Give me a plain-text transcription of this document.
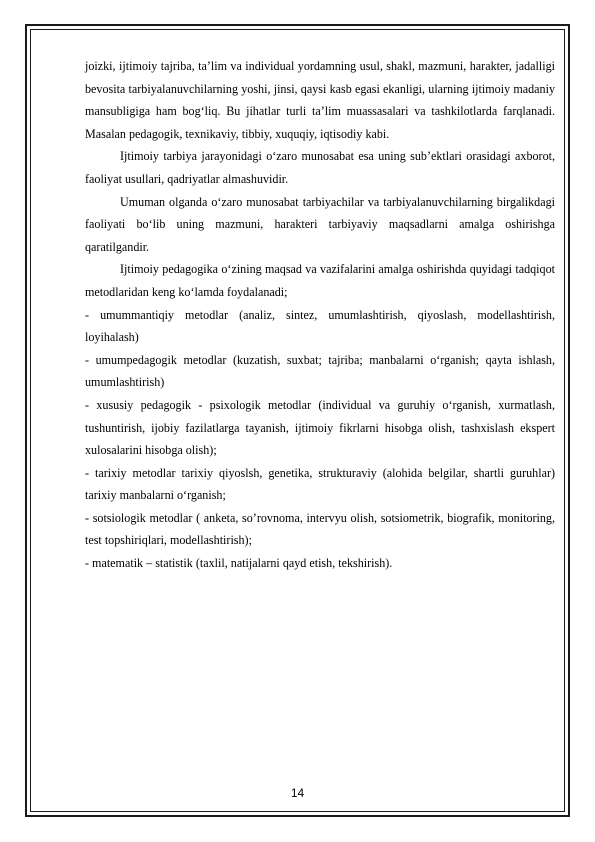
joizki, ijtimoiy tajriba, ta’lim va individual yordamning usul, shakl, mazmuni, harakter, jadalligi bevosita tarbiyalanuvchilarning yoshi, jinsi, qaysi kasb egasi ekanligi, ularning ijtimoiy madaniy mansubligiga ham bog‘liq. Bu jihatlar turli ta’lim muassasalari va tashkilotlarda farqlanadi. Masalan pedagogik, texnikaviy, tibbiy, xuquqiy, iqtisodiy kabi.

Ijtimoiy tarbiya jarayonidagi o‘zaro munosabat esa uning sub’ektlari orasidagi axborot, faoliyat usullari, qadriyatlar almashuvidir.

Umuman olganda o‘zaro munosabat tarbiyachilar va tarbiyalanuvchilarning birgalikdagi faoliyati bo‘lib uning mazmuni, harakteri tarbiyaviy maqsadlarni amalga oshirishga qaratilgandir.

Ijtimoiy pedagogika o‘zining maqsad va vazifalarini amalga oshirishda quyidagi tadqiqot metodlaridan keng ko‘lamda foydalanadi;

- umummantiqiy metodlar (analiz, sintez, umumlashtirish, qiyoslash, modellashtirish, loyihalash)

- umumpedagogik metodlar (kuzatish, suxbat; tajriba; manbalarni o‘rganish; qayta ishlash, umumlashtirish)

- xususiy pedagogik - psixologik metodlar (individual va guruhiy o‘rganish, xurmatlash, tushuntirish, ijobiy fazilatlarga tayanish, ijtimoiy fikrlarni hisobga olish, tashxislash ekspert xulosalarini hisobga olish);

- tarixiy metodlar tarixiy qiyoslsh, genetika, strukturaviy (alohida belgilar, shartli guruhlar) tarixiy manbalarni o‘rganish;

- sotsiologik metodlar ( anketa, so’rovnoma, intervyu olish, sotsiometrik, biografik, monitoring, test topshiriqlari, modellashtirish);

- matematik – statistik (taxlil, natijalarni qayd etish, tekshirish).

14
